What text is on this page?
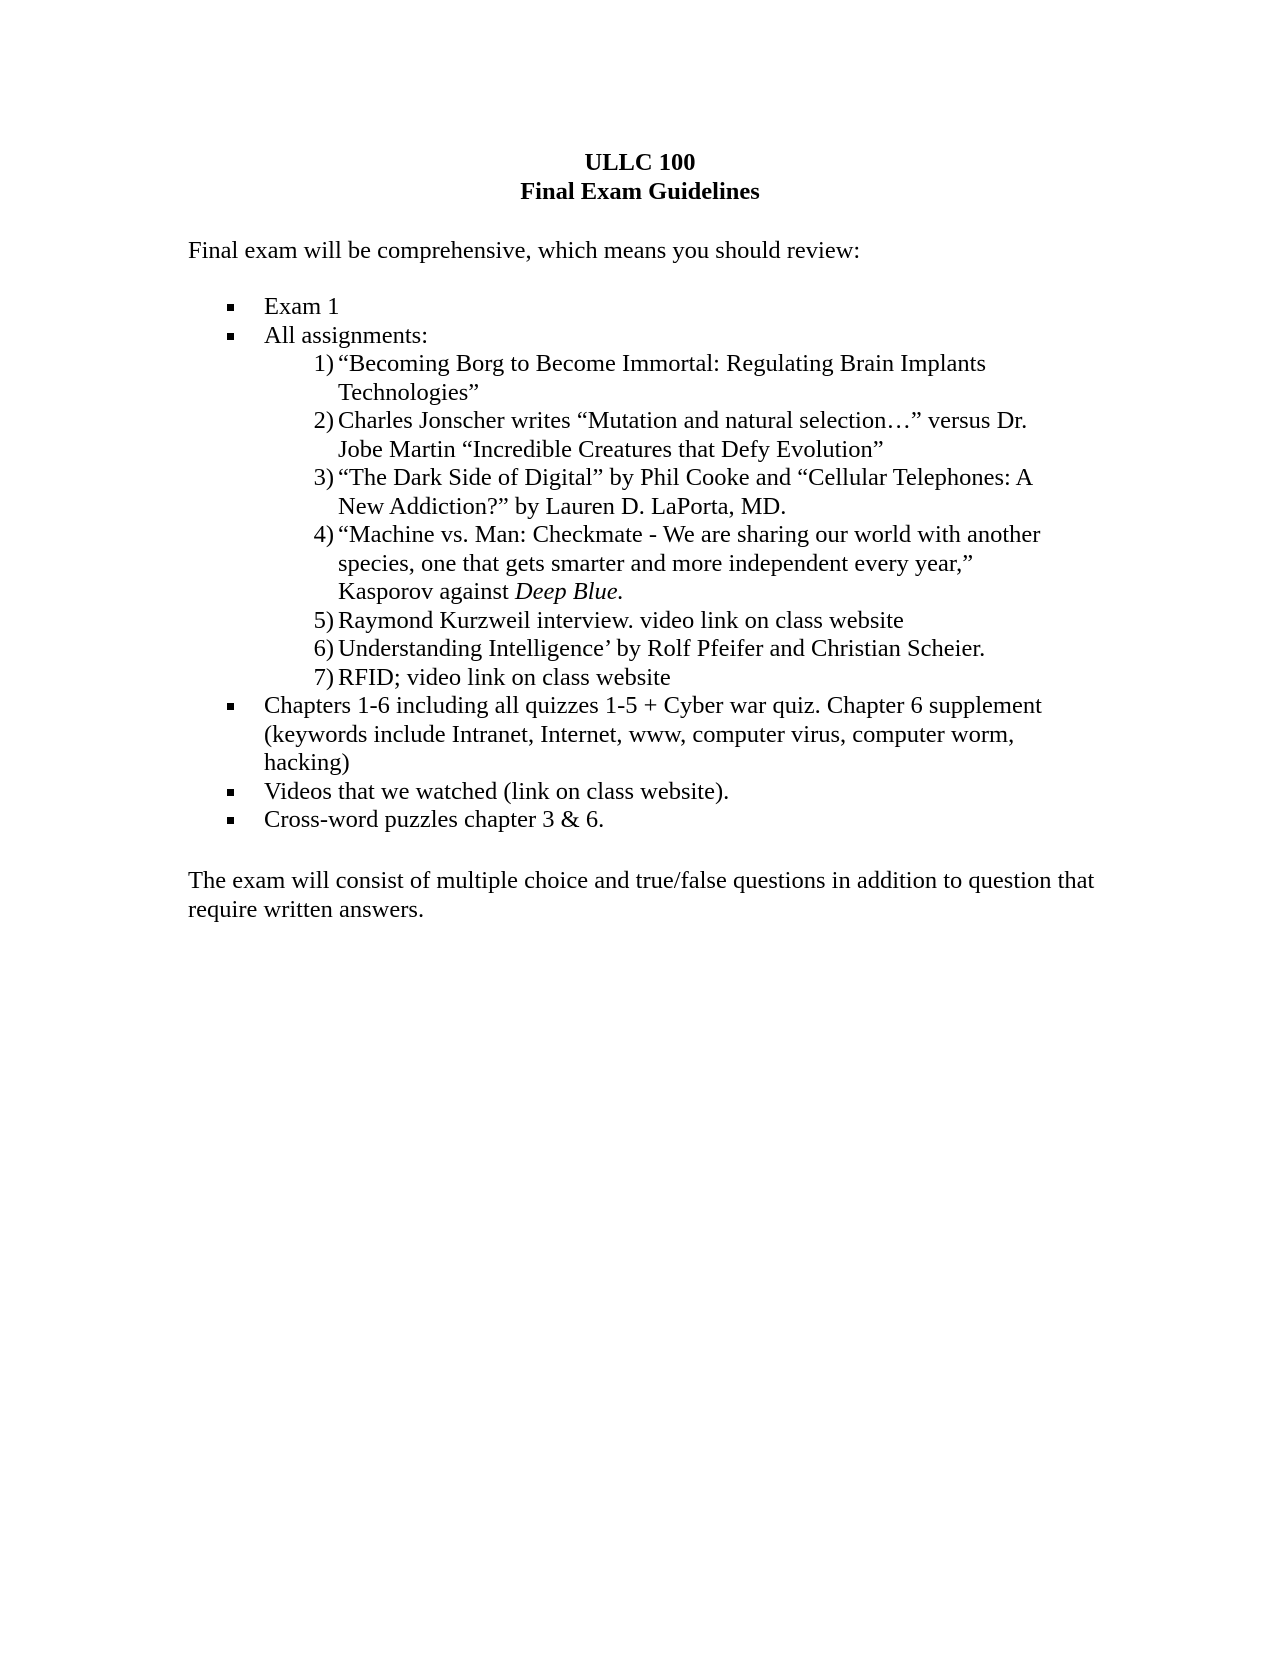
ULLC 100
Final Exam Guidelines
Final exam will be comprehensive, which means you should review:
Exam 1
All assignments:
1) “Becoming Borg to Become Immortal: Regulating Brain Implants Technologies”
2) Charles Jonscher writes “Mutation and natural selection…” versus Dr. Jobe Martin “Incredible Creatures that Defy Evolution”
3) “The Dark Side of Digital” by Phil Cooke and “Cellular Telephones: A New Addiction?” by Lauren D. LaPorta, MD.
4) “Machine vs. Man: Checkmate - We are sharing our world with another species, one that gets smarter and more independent every year,” Kasporov against Deep Blue.
5) Raymond Kurzweil interview. video link on class website
6) Understanding Intelligence’ by Rolf Pfeifer and Christian Scheier.
7) RFID; video link on class website
Chapters 1-6 including all quizzes 1-5 + Cyber war quiz. Chapter 6 supplement (keywords include Intranet, Internet, www, computer virus, computer worm, hacking)
Videos that we watched (link on class website).
Cross-word puzzles chapter 3 & 6.
The exam will consist of multiple choice and true/false questions in addition to question that require written answers.
